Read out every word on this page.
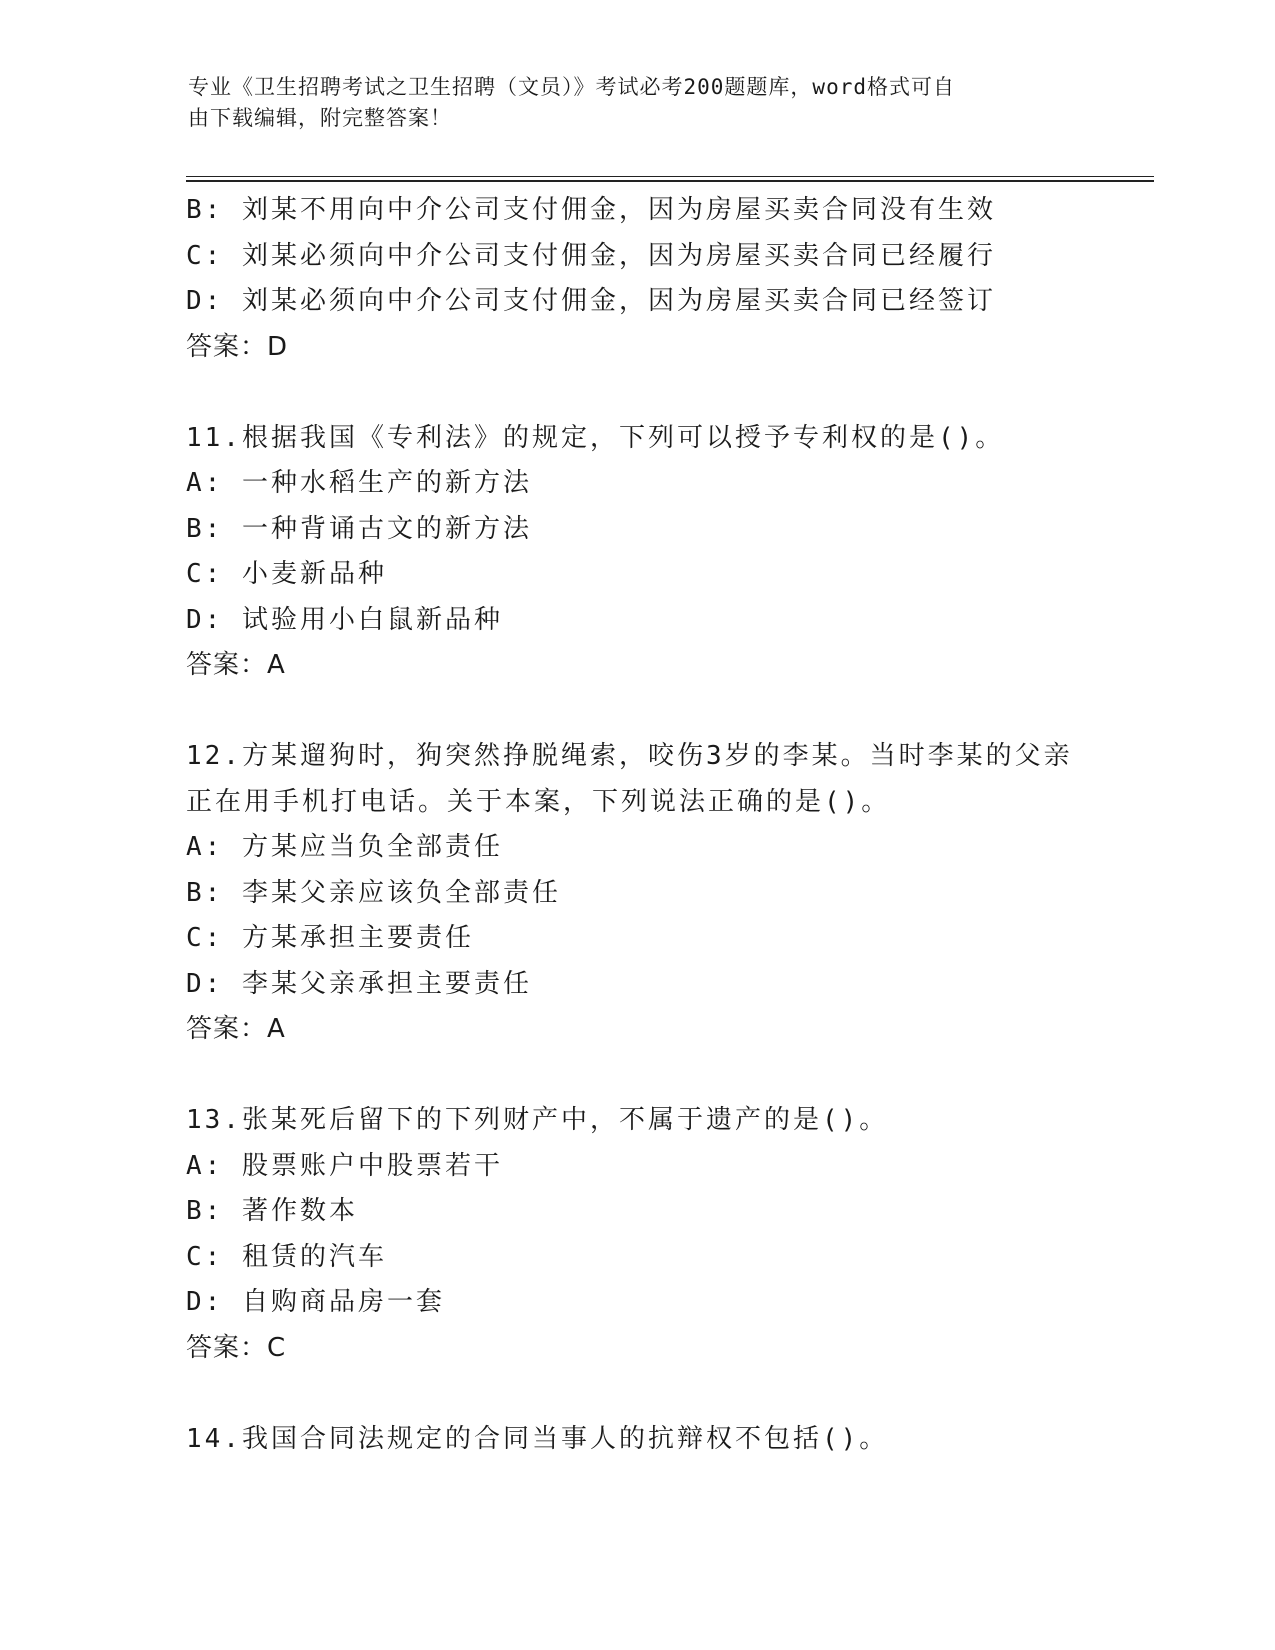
专业《卫生招聘考试之卫生招聘（文员）》考试必考200题题库，word格式可自
由下载编辑，附完整答案！
B: 刘某不用向中介公司支付佣金，因为房屋买卖合同没有生效
C: 刘某必须向中介公司支付佣金，因为房屋买卖合同已经履行
D: 刘某必须向中介公司支付佣金，因为房屋买卖合同已经签订
答案：D
11.根据我国《专利法》的规定，下列可以授予专利权的是()。
A: 一种水稻生产的新方法
B: 一种背诵古文的新方法
C: 小麦新品种
D: 试验用小白鼠新品种
答案：A
12.方某遛狗时，狗突然挣脱绳索，咬伤3岁的李某。当时李某的父亲
正在用手机打电话。关于本案，下列说法正确的是()。
A: 方某应当负全部责任
B: 李某父亲应该负全部责任
C: 方某承担主要责任
D: 李某父亲承担主要责任
答案：A
13.张某死后留下的下列财产中，不属于遗产的是()。
A: 股票账户中股票若干
B: 著作数本
C: 租赁的汽车
D: 自购商品房一套
答案：C
14.我国合同法规定的合同当事人的抗辩权不包括()。
